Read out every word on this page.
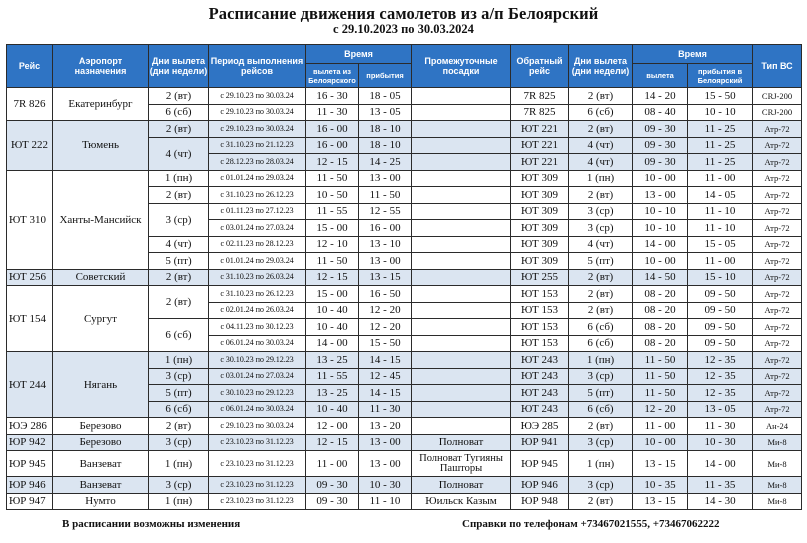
Расписание движения самолетов из а/п Белоярский
с 29.10.2023 по 30.03.2024
Рейс	Аэропорт назначения	Дни вылета (дни недели)	Период выполнения рейсов	Время		Промежуточные посадки	Обратный рейс	Дни вылета (дни недели)	Время		Тип ВС
				вылета из Белоярского	прибытия				вылета	прибытия в Белоярский	
7R 826	Екатеринбург	2 (вт)	с 29.10.23 по 30.03.24	16 - 30	18 - 05		7R 825	2 (вт)	14 - 20	15 - 50	CRJ-200
		6 (сб)	с 29.10.23 по 30.03.24	11 - 30	13 - 05		7R 825	6 (сб)	08 - 40	10 - 10	CRJ-200
ЮТ 222	Тюмень	2 (вт)	с 29.10.23 по 30.03.24	16 - 00	18 - 10		ЮТ 221	2 (вт)	09 - 30	11 - 25	Атр-72
		4 (чт)	с 31.10.23 по 21.12.23	16 - 00	18 - 10		ЮТ 221	4 (чт)	09 - 30	11 - 25	Атр-72
			с 28.12.23 по 28.03.24	12 - 15	14 - 25		ЮТ 221	4 (чт)	09 - 30	11 - 25	Атр-72
ЮТ 310	Ханты-Мансийск	1 (пн)	с 01.01.24 по 29.03.24	11 - 50	13 - 00		ЮТ 309	1 (пн)	10 - 00	11 - 00	Атр-72
		2 (вт)	с 31.10.23 по 26.12.23	10 - 50	11 - 50		ЮТ 309	2 (вт)	13 - 00	14 - 05	Атр-72
		3 (ср)	с 01.11.23 по 27.12.23	11 - 55	12 - 55		ЮТ 309	3 (ср)	10 - 10	11 - 10	Атр-72
			с 03.01.24 по 27.03.24	15 - 00	16 - 00		ЮТ 309	3 (ср)	10 - 10	11 - 10	Атр-72
		4 (чт)	с 02.11.23 по 28.12.23	12 - 10	13 - 10		ЮТ 309	4 (чт)	14 - 00	15 - 05	Атр-72
		5 (пт)	с 01.01.24 по 29.03.24	11 - 50	13 - 00		ЮТ 309	5 (пт)	10 - 00	11 - 00	Атр-72
ЮТ 256	Советский	2 (вт)	с 31.10.23 по 26.03.24	12 - 15	13 - 15		ЮТ 255	2 (вт)	14 - 50	15 - 10	Атр-72
ЮТ 154	Сургут	2 (вт)	с 31.10.23 по 26.12.23	15 - 00	16 - 50		ЮТ 153	2 (вт)	08 - 20	09 - 50	Атр-72
			с 02.01.24 по 26.03.24	10 - 40	12 - 20		ЮТ 153	2 (вт)	08 - 20	09 - 50	Атр-72
		6 (сб)	с 04.11.23 по 30.12.23	10 - 40	12 - 20		ЮТ 153	6 (сб)	08 - 20	09 - 50	Атр-72
			с 06.01.24 по 30.03.24	14 - 00	15 - 50		ЮТ 153	6 (сб)	08 - 20	09 - 50	Атр-72
ЮТ 244	Нягань	1 (пн)	с 30.10.23 по 29.12.23	13 - 25	14 - 15		ЮТ 243	1 (пн)	11 - 50	12 - 35	Атр-72
		3 (ср)	с 03.01.24 по 27.03.24	11 - 55	12 - 45		ЮТ 243	3 (ср)	11 - 50	12 - 35	Атр-72
		5 (пт)	с 30.10.23 по 29.12.23	13 - 25	14 - 15		ЮТ 243	5 (пт)	11 - 50	12 - 35	Атр-72
		6 (сб)	с 06.01.24 по 30.03.24	10 - 40	11 - 30		ЮТ 243	6 (сб)	12 - 20	13 - 05	Атр-72
ЮЭ 286	Березово	2 (вт)	с 29.10.23 по 30.03.24	12 - 00	13 - 20		ЮЭ 285	2 (вт)	11 - 00	11 - 30	Ан-24
ЮР 942	Березово	3 (ср)	с 23.10.23 по 31.12.23	12 - 15	13 - 00	Полноват	ЮР 941	3 (ср)	10 - 00	10 - 30	Ми-8
ЮР 945	Ванзеват	1 (пн)	с 23.10.23 по 31.12.23	11 - 00	13 - 00	Полноват Тугияны Пашторы	ЮР 945	1 (пн)	13 - 15	14 - 00	Ми-8
ЮР 946	Ванзеват	3 (ср)	с 23.10.23 по 31.12.23	09 - 30	10 - 30	Полноват	ЮР 946	3 (ср)	10 - 35	11 - 35	Ми-8
ЮР 947	Нумто	1 (пн)	с 23.10.23 по 31.12.23	09 - 30	11 - 10	Юильск Казым	ЮР 948	2 (вт)	13 - 15	14 - 30	Ми-8
В расписании возможны изменения	Справки по телефонам +73467021555, +73467062222
